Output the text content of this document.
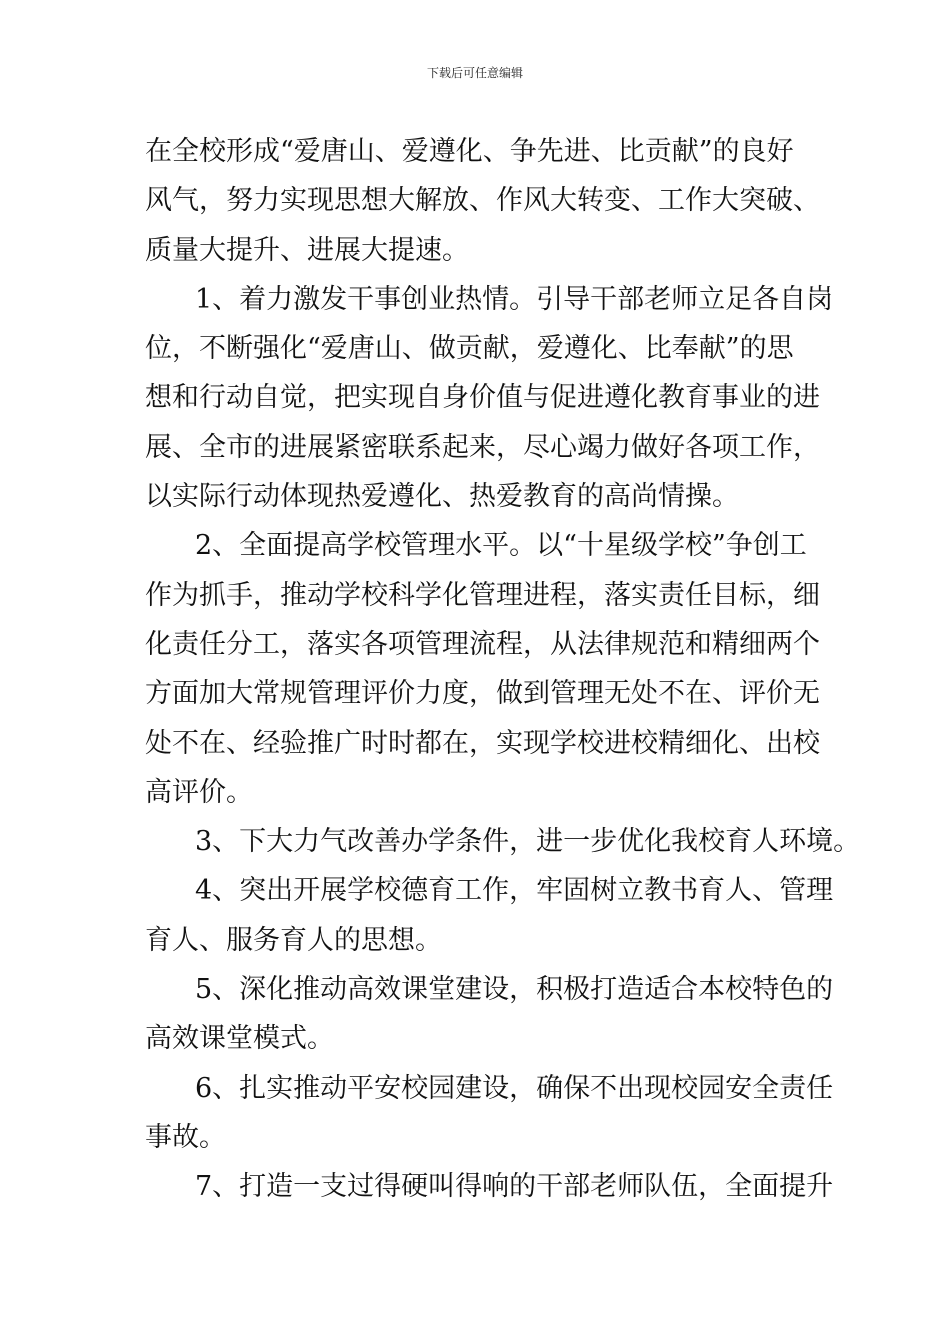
下载后可任意编辑
在全校形成“爱唐山、爱遵化、争先进、比贡献”的良好
风气，努力实现思想大解放、作风大转变、工作大突破、
质量大提升、进展大提速。
1、着力激发干事创业热情。引导干部老师立足各自岗
位，不断强化“爱唐山、做贡献，爱遵化、比奉献”的思
想和行动自觉，把实现自身价值与促进遵化教育事业的进
展、全市的进展紧密联系起来，尽心竭力做好各项工作，
以实际行动体现热爱遵化、热爱教育的高尚情操。
2、全面提高学校管理水平。以“十星级学校”争创工
作为抓手，推动学校科学化管理进程，落实责任目标，细
化责任分工，落实各项管理流程，从法律规范和精细两个
方面加大常规管理评价力度，做到管理无处不在、评价无
处不在、经验推广时时都在，实现学校进校精细化、出校
高评价。
3、下大力气改善办学条件，进一步优化我校育人环境。
4、突出开展学校德育工作，牢固树立教书育人、管理
育人、服务育人的思想。
5、深化推动高效课堂建设，积极打造适合本校特色的
高效课堂模式。
6、扎实推动平安校园建设，确保不出现校园安全责任
事故。
7、打造一支过得硬叫得响的干部老师队伍，全面提升
